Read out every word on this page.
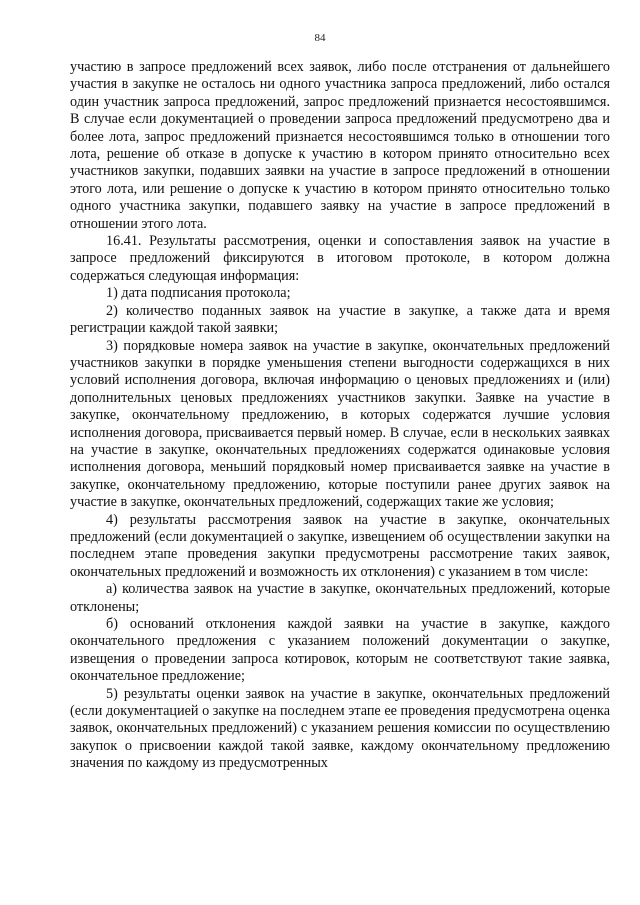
84

участию в запросе предложений всех заявок, либо после отстранения от дальнейшего участия в закупке не осталось ни одного участника запроса предложений, либо остался один участник запроса предложений, запрос предложений признается несостоявшимся. В случае если документацией о проведении запроса предложений предусмотрено два и более лота, запрос предложений признается несостоявшимся только в отношении того лота, решение об отказе в допуске к участию в котором принято относительно всех участников закупки, подавших заявки на участие в запросе предложений в отношении этого лота, или решение о допуске к участию в котором принято относительно только одного участника закупки, подавшего заявку на участие в запросе предложений в отношении этого лота.

16.41. Результаты рассмотрения, оценки и сопоставления заявок на участие в запросе предложений фиксируются в итоговом протоколе, в котором должна содержаться следующая информация:

1) дата подписания протокола;

2) количество поданных заявок на участие в закупке, а также дата и время регистрации каждой такой заявки;

3) порядковые номера заявок на участие в закупке, окончательных предложений участников закупки в порядке уменьшения степени выгодности содержащихся в них условий исполнения договора, включая информацию о ценовых предложениях и (или) дополнительных ценовых предложениях участников закупки. Заявке на участие в закупке, окончательному предложению, в которых содержатся лучшие условия исполнения договора, присваивается первый номер. В случае, если в нескольких заявках на участие в закупке, окончательных предложениях содержатся одинаковые условия исполнения договора, меньший порядковый номер присваивается заявке на участие в закупке, окончательному предложению, которые поступили ранее других заявок на участие в закупке, окончательных предложений, содержащих такие же условия;

4) результаты рассмотрения заявок на участие в закупке, окончательных предложений (если документацией о закупке, извещением об осуществлении закупки на последнем этапе проведения закупки предусмотрены рассмотрение таких заявок, окончательных предложений и возможность их отклонения) с указанием в том числе:

а) количества заявок на участие в закупке, окончательных предложений, которые отклонены;

б) оснований отклонения каждой заявки на участие в закупке, каждого окончательного предложения с указанием положений документации о закупке, извещения о проведении запроса котировок, которым не соответствуют такие заявка, окончательное предложение;

5) результаты оценки заявок на участие в закупке, окончательных предложений (если документацией о закупке на последнем этапе ее проведения предусмотрена оценка заявок, окончательных предложений) с указанием решения комиссии по осуществлению закупок о присвоении каждой такой заявке, каждому окончательному предложению значения по каждому из предусмотренных
